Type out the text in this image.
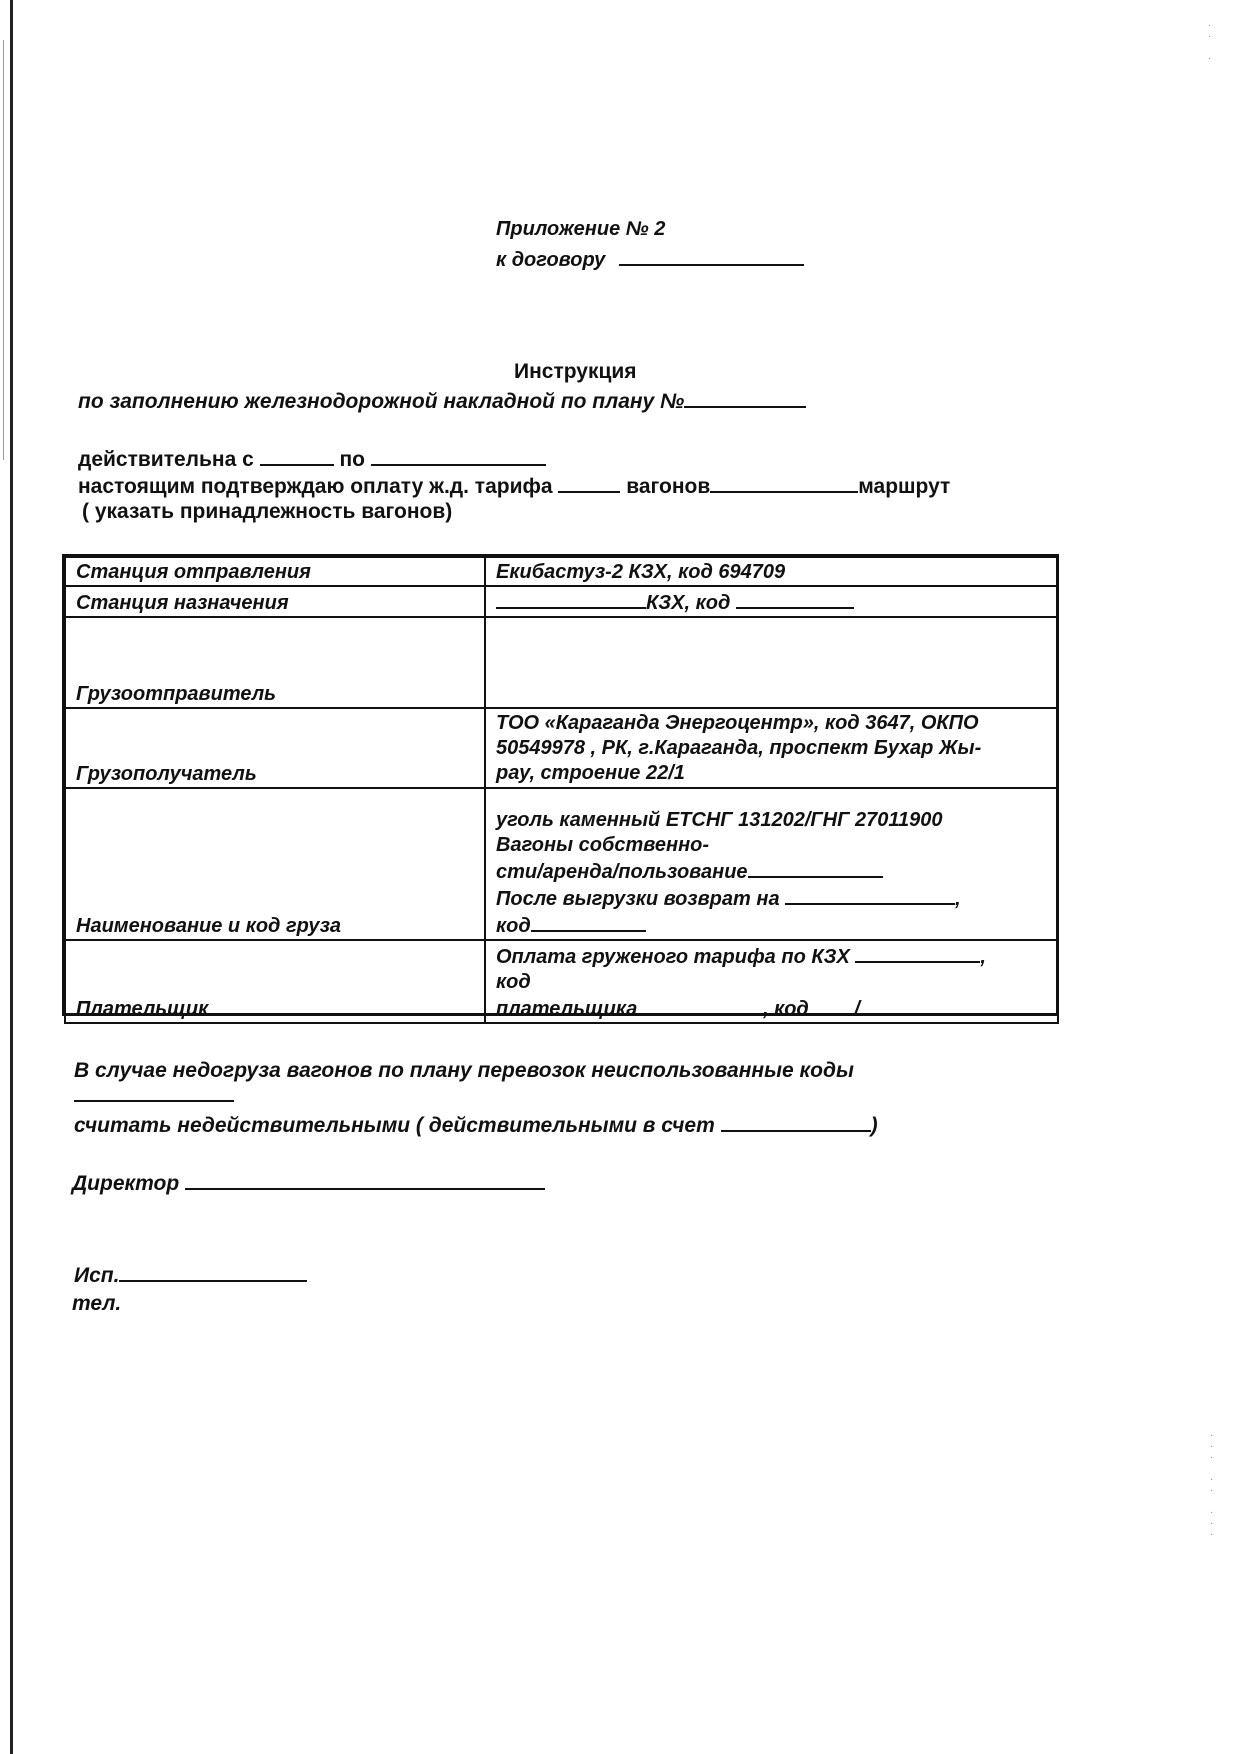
·
·

·
·
·
·

·
·

·
·
·
Приложение № 2
к договору
Инструкция
по заполнению железнодорожной накладной по плану №
действительна с	по
настоящим подтверждаю оплату ж.д. тарифа	вагонов	маршрут
( указать принадлежность вагонов)
Станция отправления	Екибастуз-2 КЗХ, код 694709
Станция назначения	КЗХ, код
Грузоотправитель	
Грузополучатель	ТОО «Караганда Энергоцентр», код 3647, ОКПО
50549978 , РК, г.Караганда, проспект Бухар Жы-
рау, строение 22/1

Наименование и код груза	уголь каменный ЕТСНГ 131202/ГНГ 27011900
Вагоны собственно-
сти/аренда/пользование
После выгрузки возврат на ,
код

Плательщик	Оплата груженого тарифа по КЗХ ,
код
плательщика , код /
В случае недогруза вагонов по плану перевозок неиспользованные коды
считать недействительными ( действительными в счет	)
Директор
Исп.
тел.
